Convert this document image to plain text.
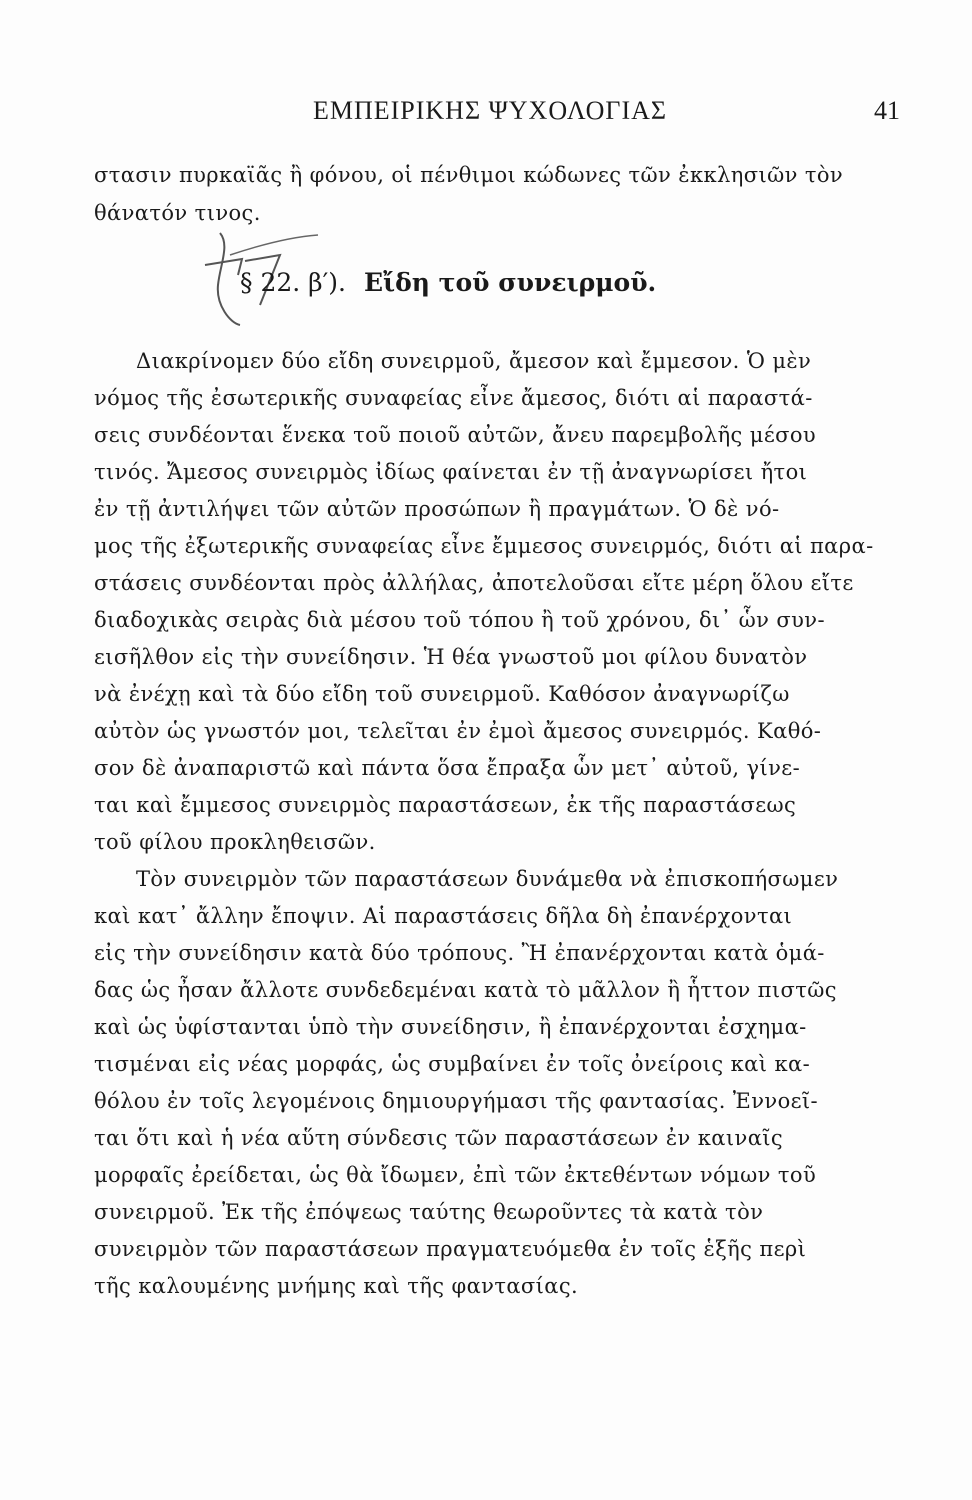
ΕΜΠΕΙΡΙΚΗΣ ΨΥΧΟΛΟΓΙΑΣ	41
στασιν πυρκαϊᾶς ἢ φόνου, οἱ πένθιμοι κώδωνες τῶν ἐκκλησιῶν τὸν
θάνατόν τινος.
§ 22. β′). Εἴδη τοῦ συνειρμοῦ.
Διακρίνομεν δύο εἴδη συνειρμοῦ, ἄμεσον καὶ ἔμμεσον. Ὁ μὲν
νόμος τῆς ἐσωτερικῆς συναφείας εἶνε ἄμεσος, διότι αἱ παραστά-
σεις συνδέονται ἕνεκα τοῦ ποιοῦ αὐτῶν, ἄνευ παρεμβολῆς μέσου
τινός. Ἄμεσος συνειρμὸς ἰδίως φαίνεται ἐν τῇ ἀναγνωρίσει ἤτοι
ἐν τῇ ἀντιλήψει τῶν αὐτῶν προσώπων ἢ πραγμάτων. Ὁ δὲ νό-
μος τῆς ἐξωτερικῆς συναφείας εἶνε ἔμμεσος συνειρμός, διότι αἱ παρα-
στάσεις συνδέονται πρὸς ἀλλήλας, ἀποτελοῦσαι εἴτε μέρη ὅλου εἴτε
διαδοχικὰς σειρὰς διὰ μέσου τοῦ τόπου ἢ τοῦ χρόνου, δι᾽ ὧν συν-
εισῆλθον εἰς τὴν συνείδησιν. Ἡ θέα γνωστοῦ μοι φίλου δυνατὸν
νὰ ἐνέχῃ καὶ τὰ δύο εἴδη τοῦ συνειρμοῦ. Καθόσον ἀναγνωρίζω
αὐτὸν ὡς γνωστόν μοι, τελεῖται ἐν ἐμοὶ ἄμεσος συνειρμός. Καθό-
σον δὲ ἀναπαριστῶ καὶ πάντα ὅσα ἔπραξα ὧν μετ᾽ αὐτοῦ, γίνε-
ται καὶ ἔμμεσος συνειρμὸς παραστάσεων, ἐκ τῆς παραστάσεως
τοῦ φίλου προκληθεισῶν.
Τὸν συνειρμὸν τῶν παραστάσεων δυνάμεθα νὰ ἐπισκοπήσωμεν
καὶ κατ᾽ ἄλλην ἔποψιν. Αἱ παραστάσεις δῆλα δὴ ἐπανέρχονται
εἰς τὴν συνείδησιν κατὰ δύο τρόπους. Ἢ ἐπανέρχονται κατὰ ὁμά-
δας ὡς ἦσαν ἄλλοτε συνδεδεμέναι κατὰ τὸ μᾶλλον ἢ ἧττον πιστῶς
καὶ ὡς ὑφίστανται ὑπὸ τὴν συνείδησιν, ἢ ἐπανέρχονται ἐσχημα-
τισμέναι εἰς νέας μορφάς, ὡς συμβαίνει ἐν τοῖς ὀνείροις καὶ κα-
θόλου ἐν τοῖς λεγομένοις δημιουργήμασι τῆς φαντασίας. Ἐννοεῖ-
ται ὅτι καὶ ἡ νέα αὕτη σύνδεσις τῶν παραστάσεων ἐν καιναῖς
μορφαῖς ἐρείδεται, ὡς θὰ ἴδωμεν, ἐπὶ τῶν ἐκτεθέντων νόμων τοῦ
συνειρμοῦ. Ἐκ τῆς ἐπόψεως ταύτης θεωροῦντες τὰ κατὰ τὸν
συνειρμὸν τῶν παραστάσεων πραγματευόμεθα ἐν τοῖς ἑξῆς περὶ
τῆς καλουμένης μνήμης καὶ τῆς φαντασίας.
